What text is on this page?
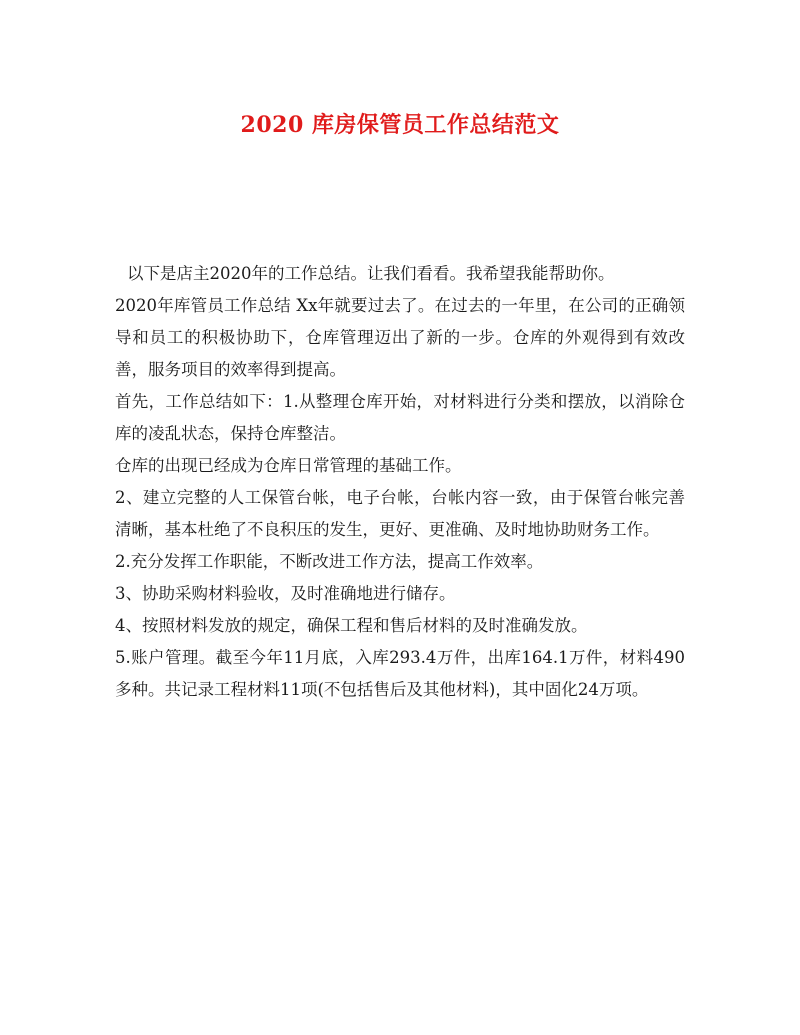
2020 库房保管员工作总结范文

以下是店主2020年的工作总结。让我们看看。我希望我能帮助你。

2020年库管员工作总结 Xx年就要过去了。在过去的一年里，在公司的正确领导和员工的积极协助下，仓库管理迈出了新的一步。仓库的外观得到有效改善，服务项目的效率得到提高。

首先，工作总结如下：1.从整理仓库开始，对材料进行分类和摆放，以消除仓库的凌乱状态，保持仓库整洁。

仓库的出现已经成为仓库日常管理的基础工作。

2、建立完整的人工保管台帐，电子台帐，台帐内容一致，由于保管台帐完善清晰，基本杜绝了不良积压的发生，更好、更准确、及时地协助财务工作。

2.充分发挥工作职能，不断改进工作方法，提高工作效率。

3、协助采购材料验收，及时准确地进行储存。

4、按照材料发放的规定，确保工程和售后材料的及时准确发放。

5.账户管理。截至今年11月底，入库293.4万件，出库164.1万件，材料490多种。共记录工程材料11项(不包括售后及其他材料)，其中固化24万项。
